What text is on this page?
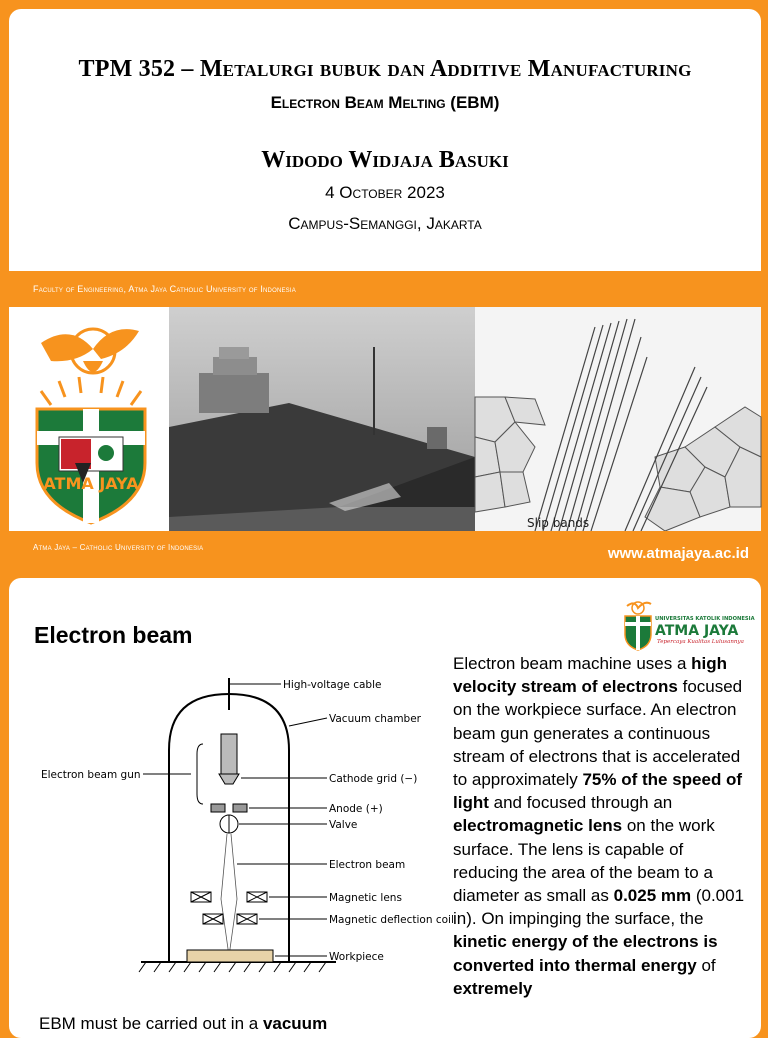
TPM 352 – Metalurgi bubuk dan Additive Manufacturing
Electron Beam Melting (EBM)
Widodo Widjaja Basuki
4 October 2023
Campus-Semanggi, Jakarta
Faculty of Engineering, Atma Jaya Catholic University of Indonesia
ATMA JAYA
Slip bands
Atma Jaya – Catholic University of Indonesia	www.atmajaya.ac.id
Electron beam
UNIVERSITAS KATOLIK INDONESIA
ATMA JAYA
Tepercaya Kualitas Lulusannya
High-voltage cable
Vacuum chamber
Electron beam gun	Cathode grid (−)
Anode (+)
Valve
Electron beam
Magnetic lens
Magnetic deflection coil
Workpiece
Electron beam machine uses a high velocity stream of electrons focused on the workpiece surface. An electron beam gun generates a continuous stream of electrons that is accelerated to approximately 75% of the speed of light and focused through an electromagnetic lens on the work surface. The lens is capable of reducing the area of the beam to a diameter as small as 0.025 mm (0.001 in). On impinging the surface, the kinetic energy of the electrons is converted into thermal energy of extremely
EBM must be carried out in a vacuum
